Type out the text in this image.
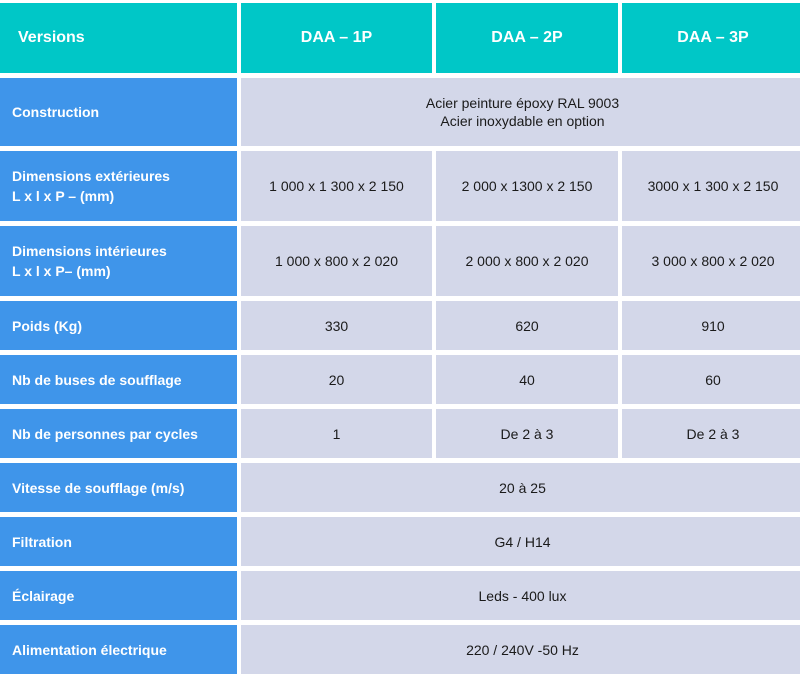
Versions	DAA – 1P	DAA – 2P	DAA – 3P
Construction	Acier peinture époxy RAL 9003
Acier inoxydable en option		
Dimensions extérieures
L x l x P – (mm)	1 000 x 1 300 x 2 150	2 000 x 1300 x 2 150	3000 x 1 300 x 2 150
Dimensions intérieures
L x l x P– (mm)	1 000 x 800 x 2 020	2 000 x 800 x 2 020	3 000 x 800 x 2 020
Poids (Kg)	330	620	910
Nb de buses de soufflage	20	40	60
Nb de personnes par cycles	1	De 2 à 3	De 2 à 3
Vitesse de soufflage (m/s)	20 à 25		
Filtration	G4 / H14		
Éclairage	Leds - 400 lux		
Alimentation électrique	220 / 240V -50 Hz		
